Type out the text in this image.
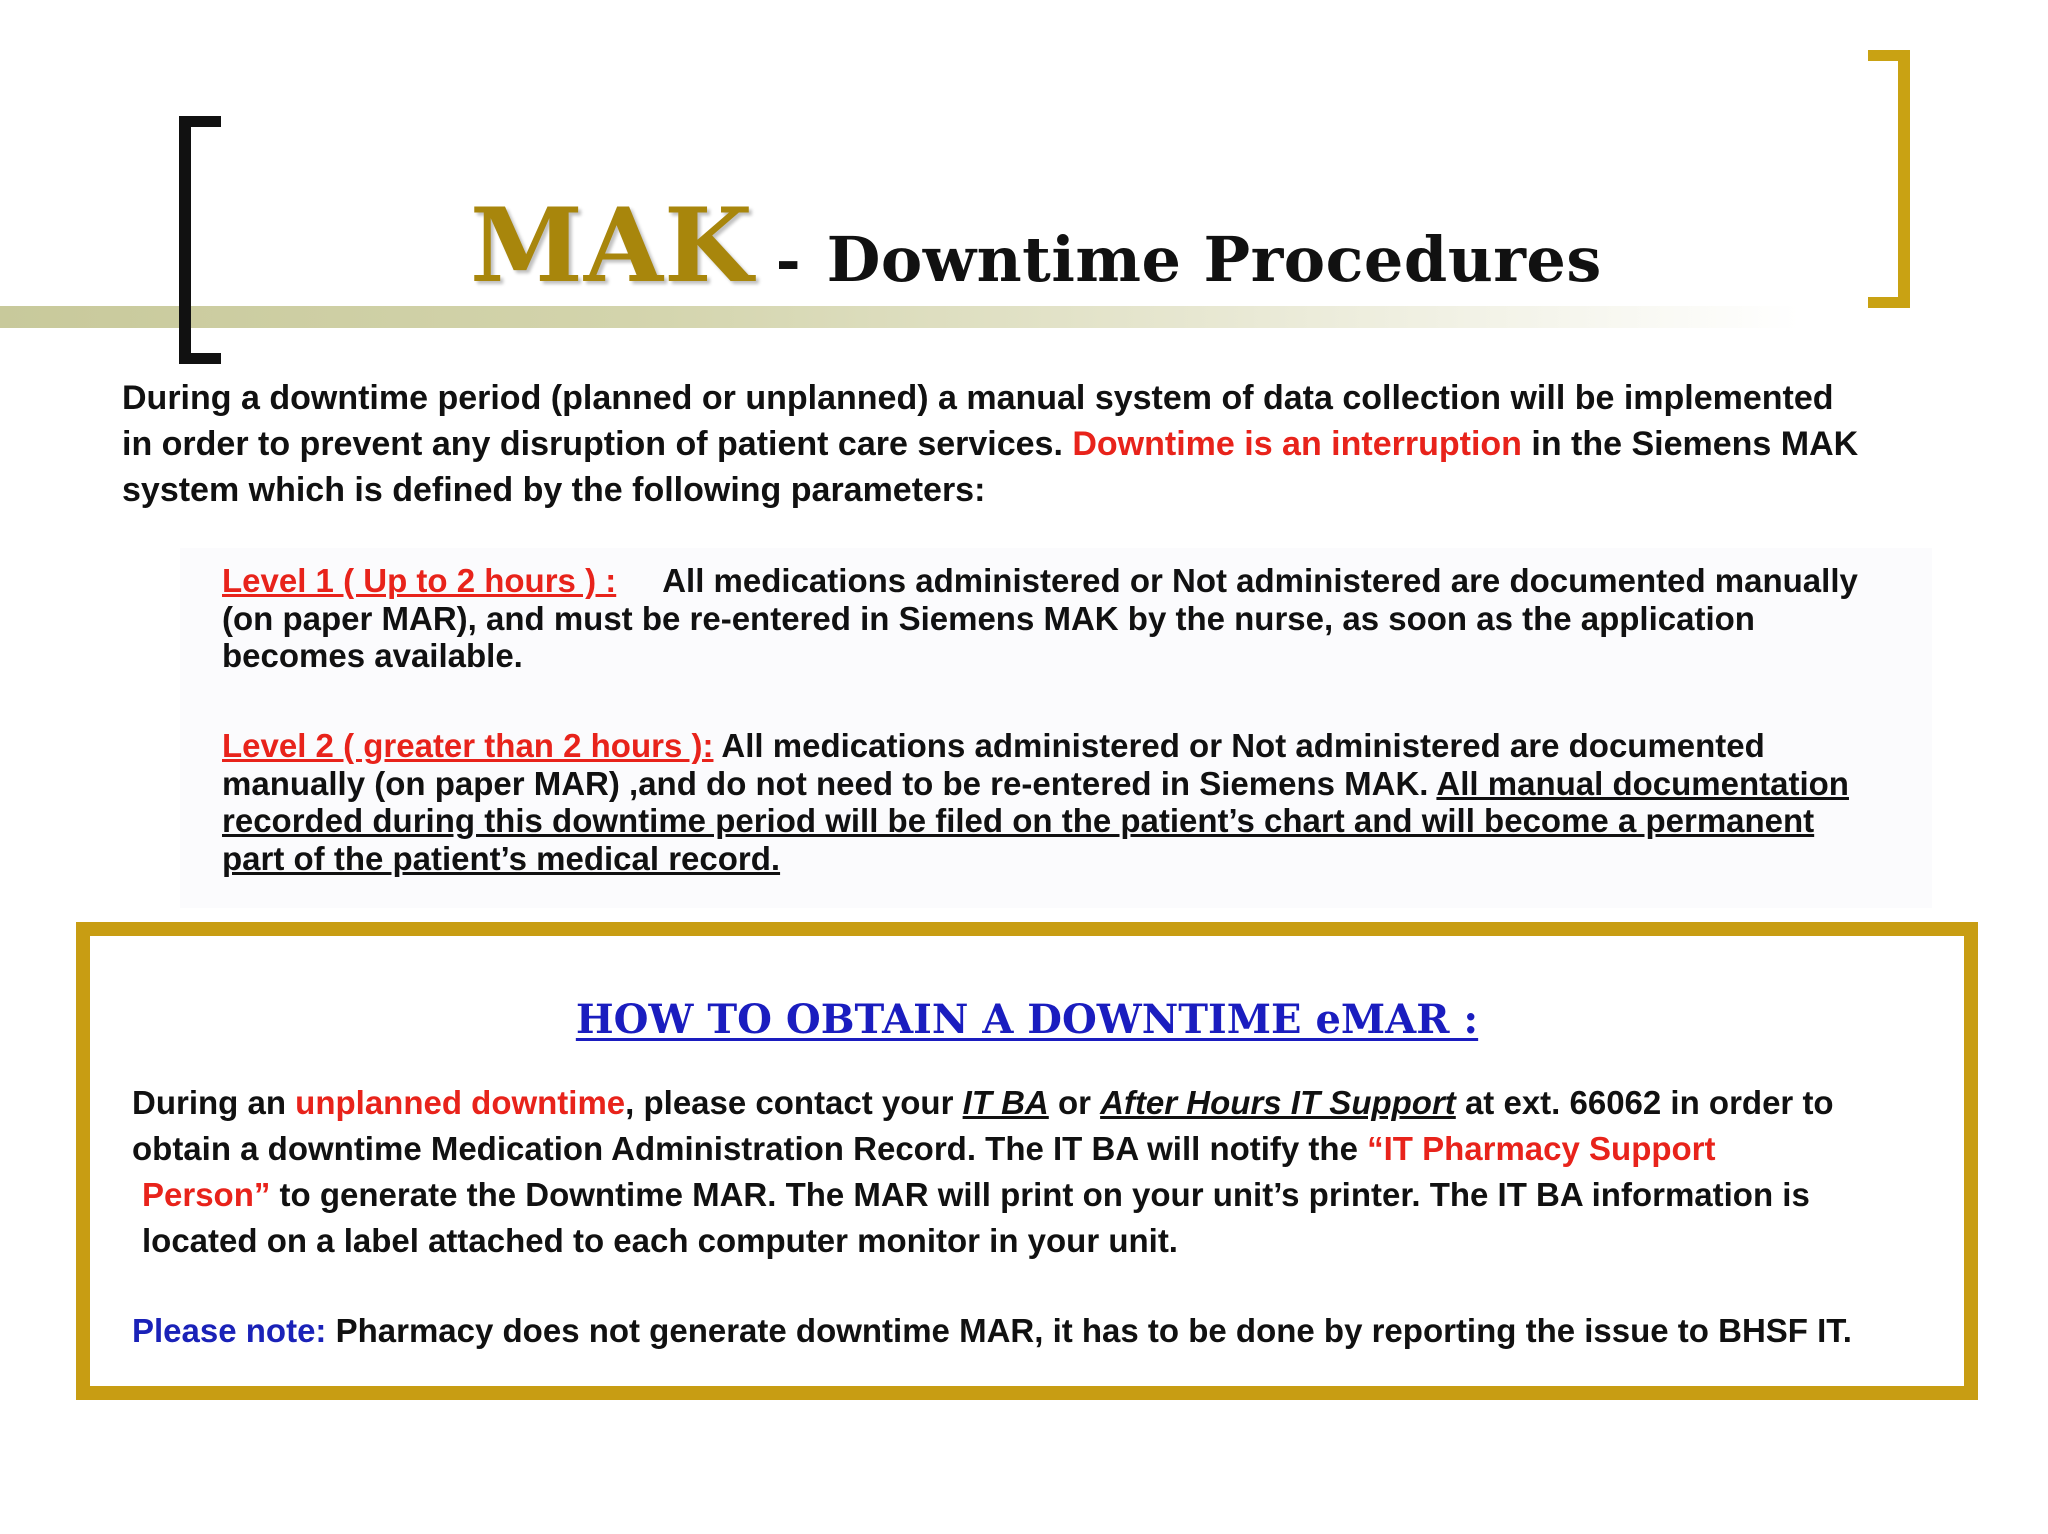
MAK - Downtime Procedures
During a downtime period (planned or unplanned) a manual system of data collection will be implemented
in order to prevent any disruption of patient care services. Downtime is an interruption in the Siemens MAK
system which is defined by the following parameters:
Level 1 ( Up to 2 hours ) : All medications administered or Not administered are documented manually
(on paper MAR), and must be re-entered in Siemens MAK by the nurse, as soon as the application
becomes available.
Level 2 ( greater than 2 hours ): All medications administered or Not administered are documented
manually (on paper MAR) ,and do not need to be re-entered in Siemens MAK. All manual documentation
recorded during this downtime period will be filed on the patient’s chart and will become a permanent
part of the patient’s medical record.
HOW TO OBTAIN A DOWNTIME eMAR :
During an unplanned downtime, please contact your IT BA or After Hours IT Support at ext. 66062 in order to
obtain a downtime Medication Administration Record. The IT BA will notify the “IT Pharmacy Support
Person” to generate the Downtime MAR. The MAR will print on your unit’s printer. The IT BA information is
located on a label attached to each computer monitor in your unit.
Please note: Pharmacy does not generate downtime MAR, it has to be done by reporting the issue to BHSF IT.
